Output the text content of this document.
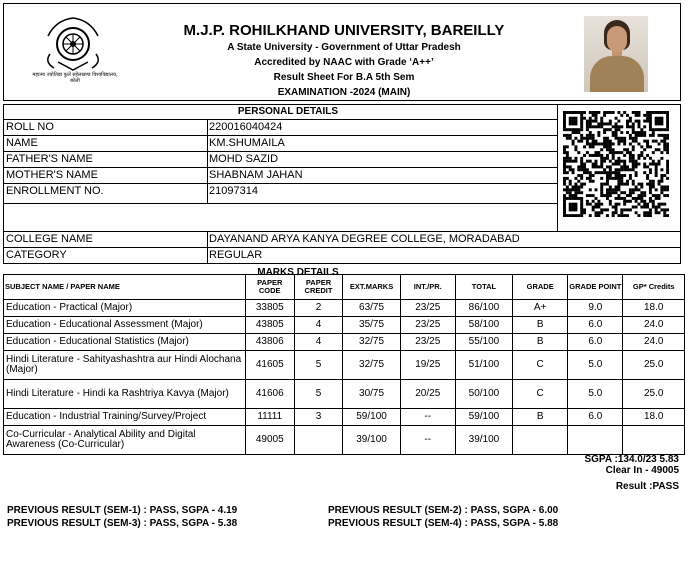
महात्मा ज्योतिबा फुले रुहेलखण्ड विश्वविद्यालय, बरेली
M.J.P. ROHILKHAND UNIVERSITY, BAREILLY
A State University - Government of Uttar Pradesh
Accredited by NAAC with Grade ‘A++’
Result Sheet For B.A 5th Sem
EXAMINATION -2024 (MAIN)
PERSONAL DETAILS
ROLL NO	220016040424
NAME	KM.SHUMAILA
FATHER'S NAME	MOHD SAZID
MOTHER'S NAME	SHABNAM JAHAN
ENROLLMENT NO.	21097314
COLLEGE NAME	DAYANAND ARYA KANYA DEGREE COLLEGE, MORADABAD
CATEGORY	REGULAR
MARKS DETAILS
SUBJECT NAME / PAPER NAME	PAPER CODE	PAPER CREDIT	EXT.MARKS	INT./PR.	TOTAL	GRADE	GRADE POINT	GP* Credits
Education - Practical (Major)	33805	2	63/75	23/25	86/100	A+	9.0	18.0
Education - Educational Assessment (Major)	43805	4	35/75	23/25	58/100	B	6.0	24.0
Education - Educational Statistics (Major)	43806	4	32/75	23/25	55/100	B	6.0	24.0
Hindi Literature - Sahityashashtra aur Hindi Alochana (Major)	41605	5	32/75	19/25	51/100	C	5.0	25.0
Hindi Literature - Hindi ka Rashtriya Kavya (Major)	41606	5	30/75	20/25	50/100	C	5.0	25.0
Education - Industrial Training/Survey/Project	11111	3	59/100	--	59/100	B	6.0	18.0
Co-Curricular - Analytical Ability and Digital Awareness (Co-Curricular)	49005		39/100	--	39/100			
SGPA :134.0/23 5.83
Clear In - 49005
Result :PASS
PREVIOUS RESULT (SEM-1) : PASS, SGPA - 4.19
PREVIOUS RESULT (SEM-3) : PASS, SGPA - 5.38
PREVIOUS RESULT (SEM-2) : PASS, SGPA - 6.00
PREVIOUS RESULT (SEM-4) : PASS, SGPA - 5.88
